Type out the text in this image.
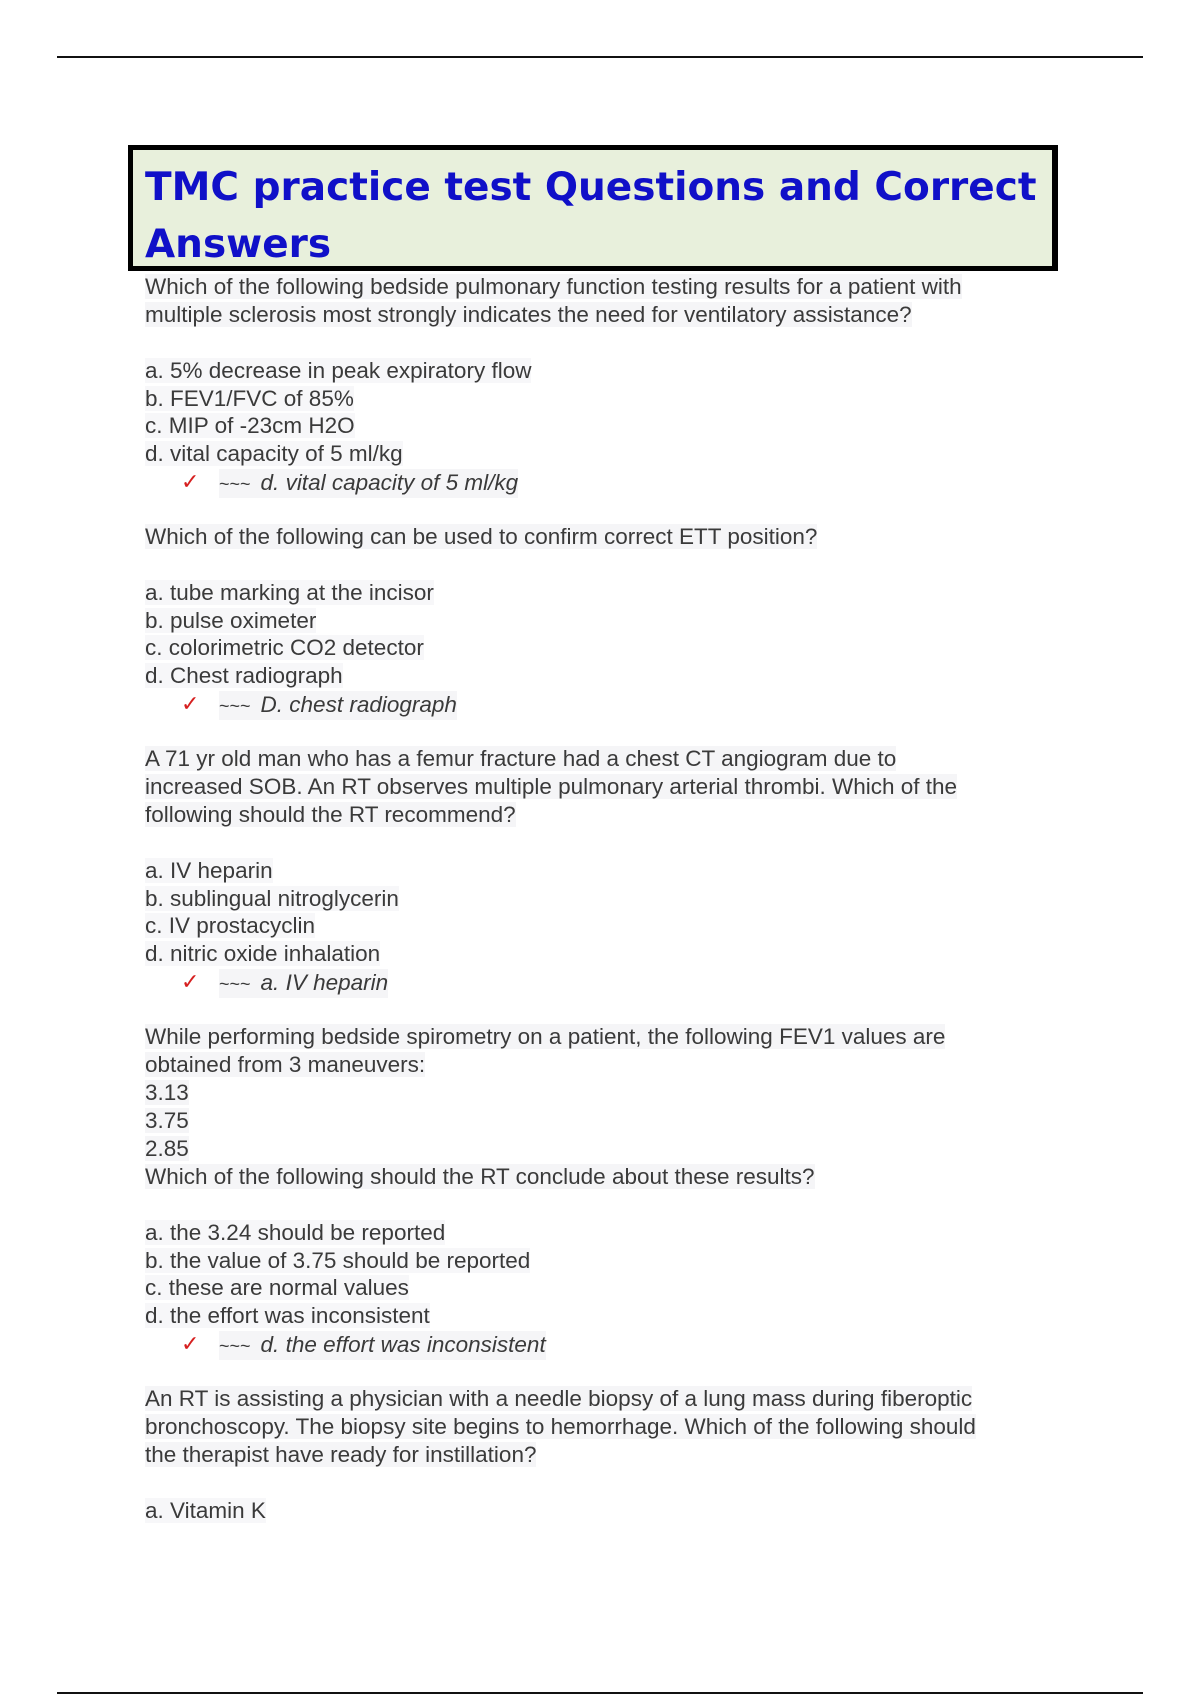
TMC practice test Questions and Correct
Answers

Which of the following bedside pulmonary function testing results for a patient with
multiple sclerosis most strongly indicates the need for ventilatory assistance?

a. 5% decrease in peak expiratory flow
b. FEV1/FVC of 85%
c. MIP of -23cm H2O
d. vital capacity of 5 ml/kg
✓ ~~~ d. vital capacity of 5 ml/kg

Which of the following can be used to confirm correct ETT position?

a. tube marking at the incisor
b. pulse oximeter
c. colorimetric CO2 detector
d. Chest radiograph
✓ ~~~ D. chest radiograph

A 71 yr old man who has a femur fracture had a chest CT angiogram due to
increased SOB. An RT observes multiple pulmonary arterial thrombi. Which of the
following should the RT recommend?

a. IV heparin
b. sublingual nitroglycerin
c. IV prostacyclin
d. nitric oxide inhalation
✓ ~~~ a. IV heparin

While performing bedside spirometry on a patient, the following FEV1 values are
obtained from 3 maneuvers:
3.13
3.75
2.85
Which of the following should the RT conclude about these results?

a. the 3.24 should be reported
b. the value of 3.75 should be reported
c. these are normal values
d. the effort was inconsistent
✓ ~~~ d. the effort was inconsistent

An RT is assisting a physician with a needle biopsy of a lung mass during fiberoptic
bronchoscopy. The biopsy site begins to hemorrhage. Which of the following should
the therapist have ready for instillation?

a. Vitamin K
